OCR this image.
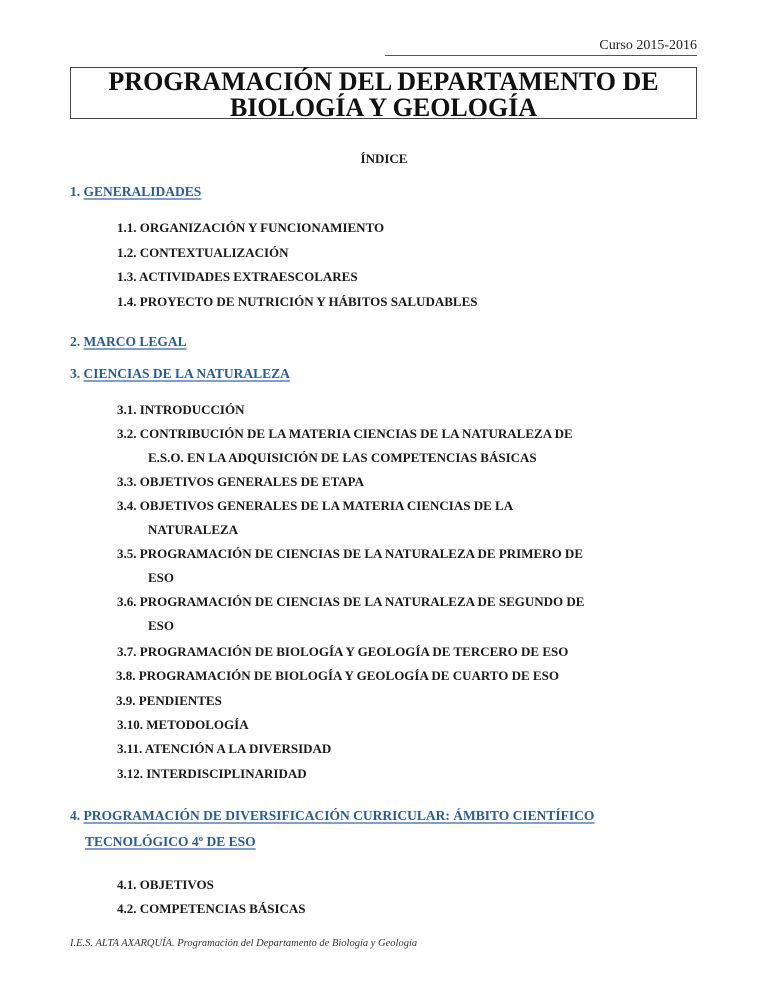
Curso 2015-2016
PROGRAMACIÓN DEL DEPARTAMENTO DE
BIOLOGÍA Y GEOLOGÍA
ÍNDICE
1. GENERALIDADES
1.1. ORGANIZACIÓN Y FUNCIONAMIENTO
1.2. CONTEXTUALIZACIÓN
1.3. ACTIVIDADES EXTRAESCOLARES
1.4. PROYECTO DE NUTRICIÓN Y HÁBITOS SALUDABLES
2. MARCO LEGAL
3. CIENCIAS DE LA NATURALEZA
3.1. INTRODUCCIÓN
3.2. CONTRIBUCIÓN DE LA MATERIA CIENCIAS DE LA NATURALEZA DE
E.S.O. EN LA ADQUISICIÓN DE LAS COMPETENCIAS BÁSICAS
3.3. OBJETIVOS GENERALES DE ETAPA
3.4. OBJETIVOS GENERALES DE LA MATERIA CIENCIAS DE LA
NATURALEZA
3.5. PROGRAMACIÓN DE CIENCIAS DE LA NATURALEZA DE PRIMERO DE
ESO
3.6. PROGRAMACIÓN DE CIENCIAS DE LA NATURALEZA DE SEGUNDO DE
ESO
3.7. PROGRAMACIÓN DE BIOLOGÍA Y GEOLOGÍA DE TERCERO DE ESO
3.8. PROGRAMACIÓN DE BIOLOGÍA Y GEOLOGÍA DE CUARTO DE ESO
3.9. PENDIENTES
3.10. METODOLOGÍA
3.11. ATENCIÓN A LA DIVERSIDAD
3.12. INTERDISCIPLINARIDAD
4. PROGRAMACIÓN DE DIVERSIFICACIÓN CURRICULAR: ÁMBITO CIENTÍFICO
TECNOLÓGICO 4º DE ESO
4.1. OBJETIVOS
4.2. COMPETENCIAS BÁSICAS
I.E.S. ALTA AXARQUÍA. Programación del Departamento de Biología y Geología
